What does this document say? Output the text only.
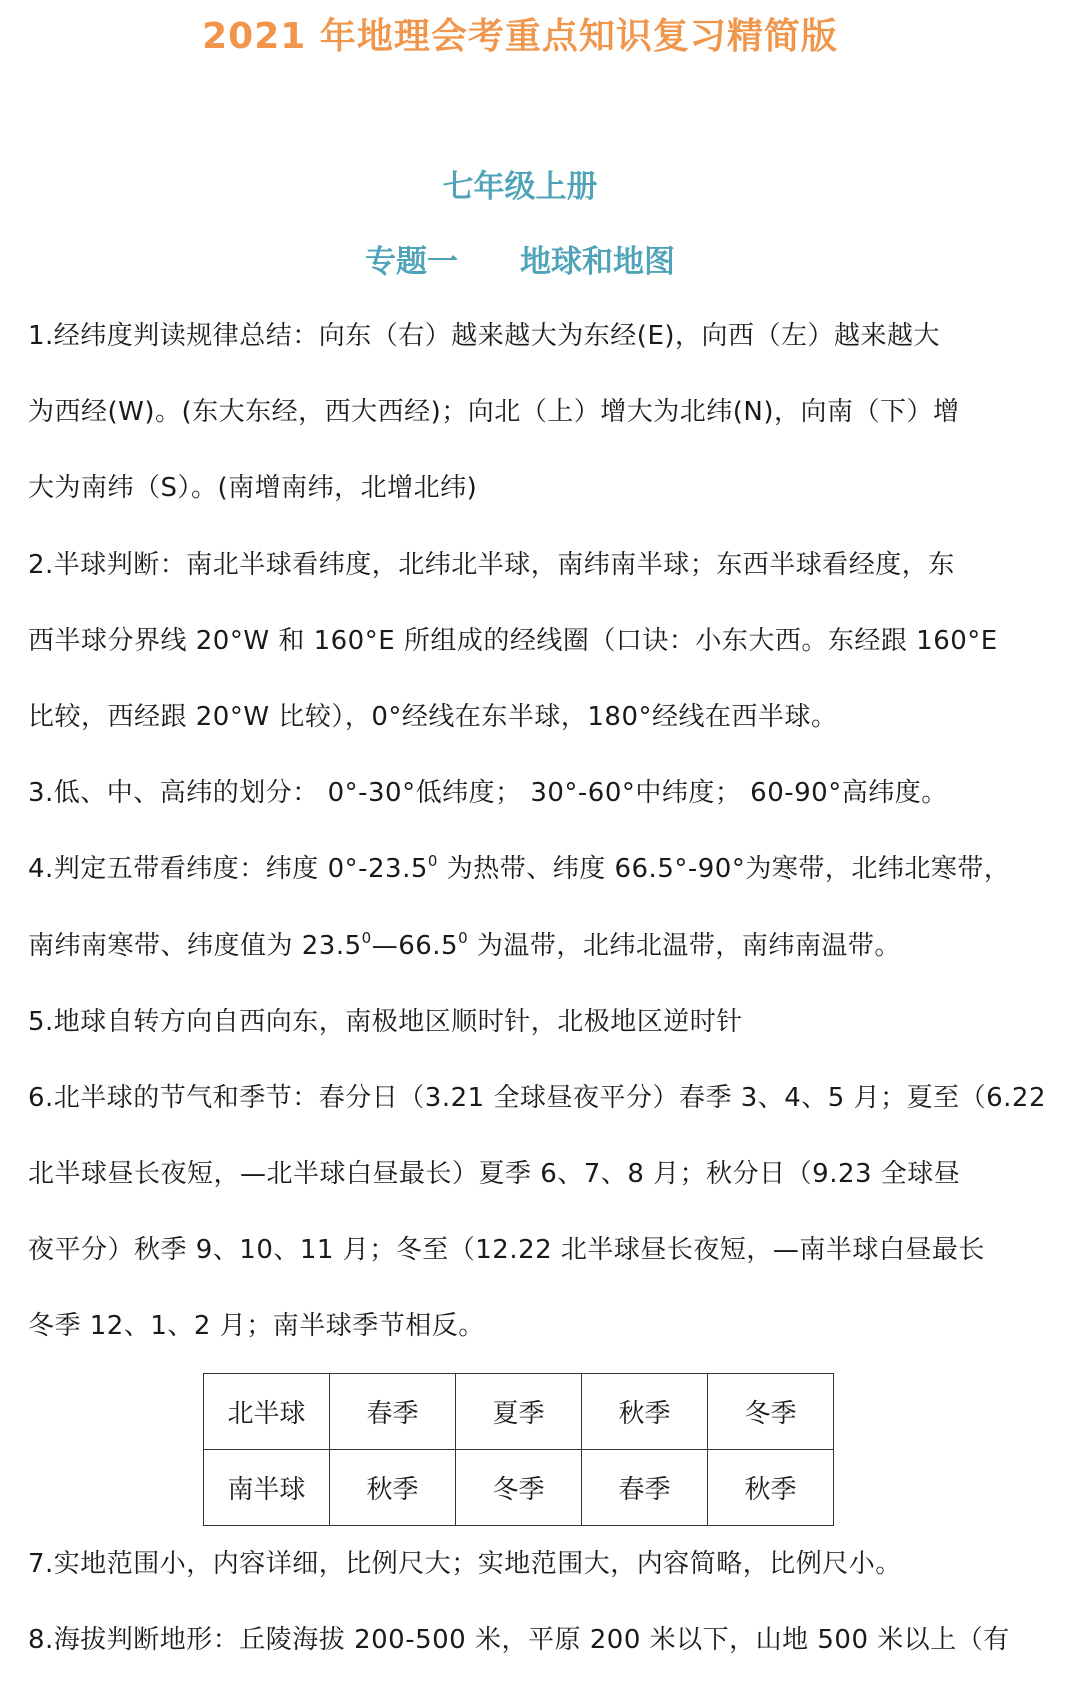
2021 年地理会考重点知识复习精简版
七年级上册
专题一　　地球和地图
1.经纬度判读规律总结：向东（右）越来越大为东经(E)，向西（左）越来越大
为西经(W)。(东大东经，西大西经)；向北（上）增大为北纬(N)，向南（下）增
大为南纬（S）。(南增南纬，北增北纬)
2.半球判断：南北半球看纬度，北纬北半球，南纬南半球；东西半球看经度，东
西半球分界线 20°W 和 160°E 所组成的经线圈（口诀：小东大西。东经跟 160°E
比较，西经跟 20°W 比较），0°经线在东半球，180°经线在西半球。
3.低、中、高纬的划分： 0°-30°低纬度； 30°-60°中纬度； 60-90°高纬度。
4.判定五带看纬度：纬度 0°-23.5$^0$ 为热带、纬度 66.5°-90°为寒带，北纬北寒带，
南纬南寒带、纬度值为 23.5$^0$—66.5$^0$ 为温带，北纬北温带，南纬南温带。
5.地球自转方向自西向东，南极地区顺时针，北极地区逆时针
6.北半球的节气和季节：春分日（3.21 全球昼夜平分）春季 3、4、5 月；夏至（6.22
北半球昼长夜短，—北半球白昼最长）夏季 6、7、8 月；秋分日（9.23 全球昼
夜平分）秋季 9、10、11 月；冬至（12.22 北半球昼长夜短，—南半球白昼最长
冬季 12、1、2 月；南半球季节相反。
北半球	春季	夏季	秋季	冬季
南半球	秋季	冬季	春季	秋季
7.实地范围小，内容详细，比例尺大；实地范围大，内容简略，比例尺小。
8.海拔判断地形：丘陵海拔 200-500 米，平原 200 米以下，山地 500 米以上（有
